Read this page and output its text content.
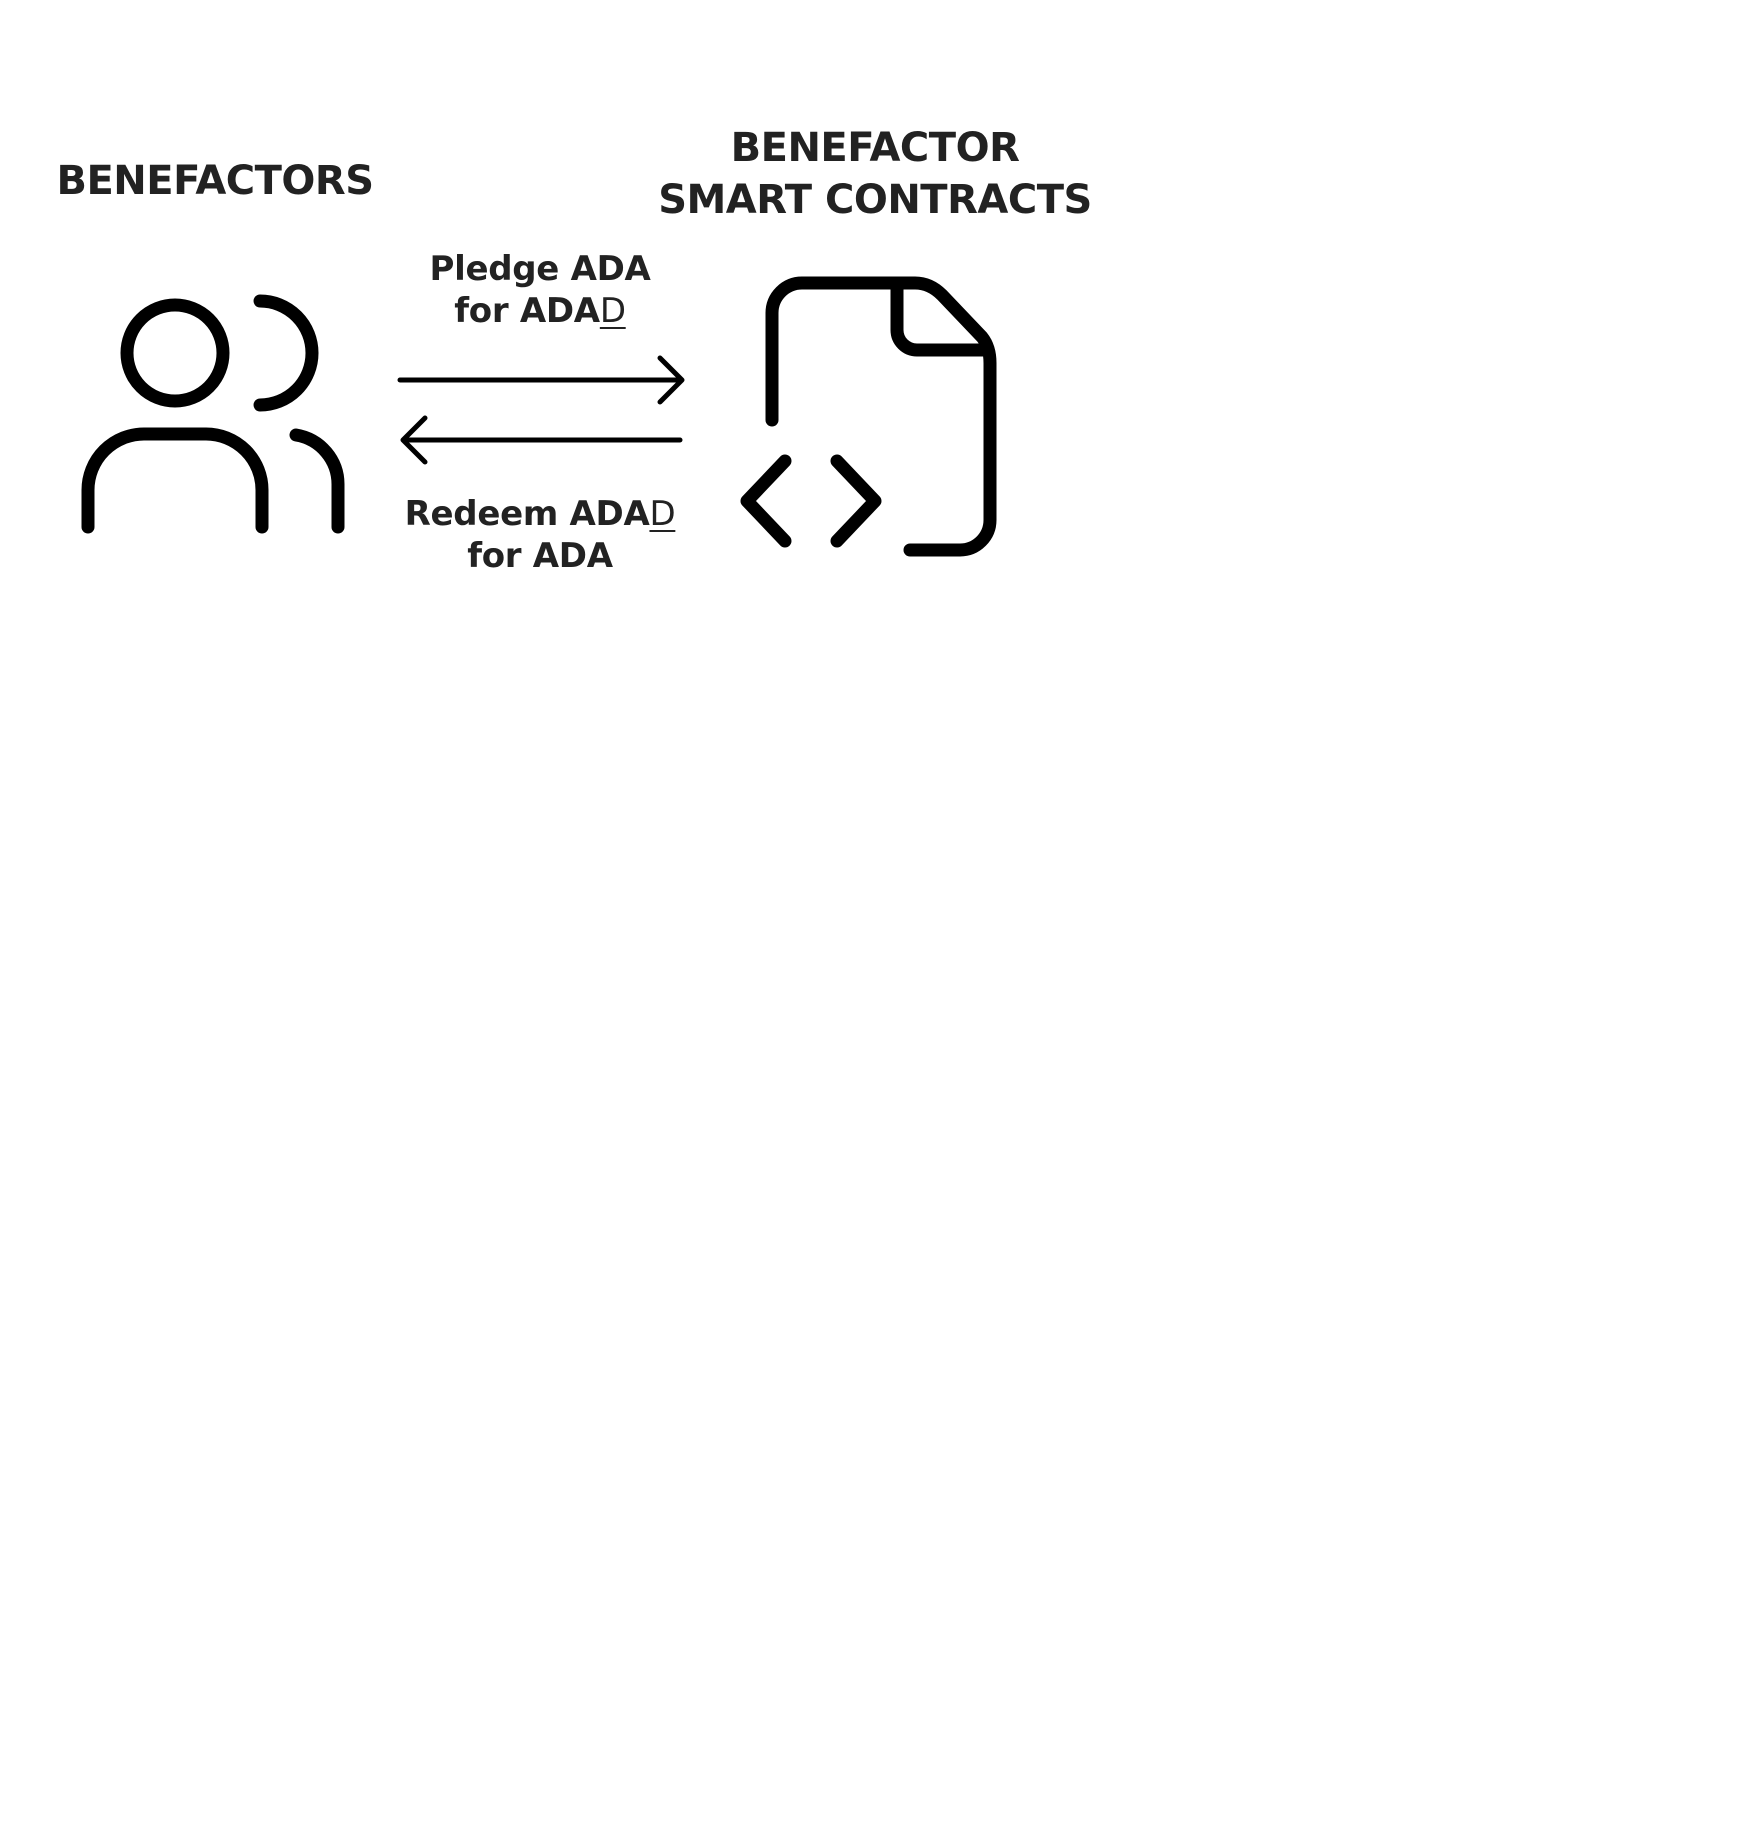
BENEFACTORS
BENEFACTOR
SMART CONTRACTS
Pledge ADA
for ADAD
Redeem ADAD
for ADA
